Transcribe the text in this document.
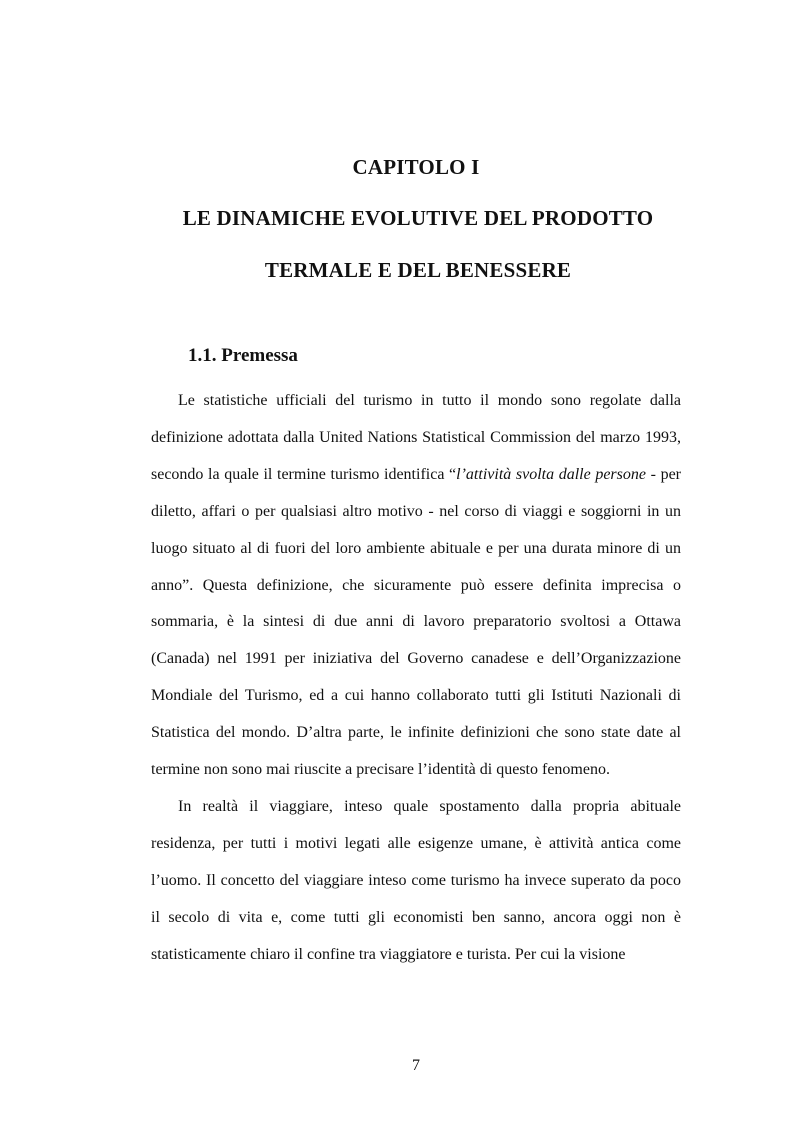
CAPITOLO I
LE DINAMICHE EVOLUTIVE DEL PRODOTTO
TERMALE E DEL BENESSERE
1.1. Premessa

Le statistiche ufficiali del turismo in tutto il mondo sono regolate dalla definizione adottata dalla United Nations Statistical Commission del marzo 1993, secondo la quale il termine turismo identifica “l’attività svolta dalle persone - per diletto, affari o per qualsiasi altro motivo - nel corso di viaggi e soggiorni in un luogo situato al di fuori del loro ambiente abituale e per una durata minore di un anno”. Questa definizione, che sicuramente può essere definita imprecisa o sommaria, è la sintesi di due anni di lavoro preparatorio svoltosi a Ottawa (Canada) nel 1991 per iniziativa del Governo canadese e dell’Organizzazione Mondiale del Turismo, ed a cui hanno collaborato tutti gli Istituti Nazionali di Statistica del mondo. D’altra parte, le infinite definizioni che sono state date al termine non sono mai riuscite a precisare l’identità di questo fenomeno.

In realtà il viaggiare, inteso quale spostamento dalla propria abituale residenza, per tutti i motivi legati alle esigenze umane, è attività antica come l’uomo. Il concetto del viaggiare inteso come turismo ha invece superato da poco il secolo di vita e, come tutti gli economisti ben sanno, ancora oggi non è statisticamente chiaro il confine tra viaggiatore e turista. Per cui la visione

7
